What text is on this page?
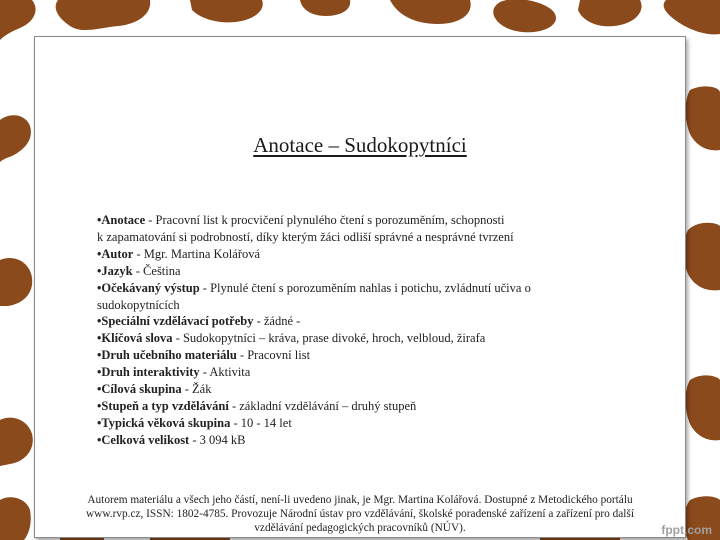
Anotace – Sudokopytníci
•Anotace - Pracovní list k procvičení plynulého čtení s porozuměním, schopnosti
k zapamatování si podrobností, díky kterým žáci odliší správné a nesprávné tvrzení
•Autor - Mgr. Martina Kolářová
•Jazyk - Čeština
•Očekávaný výstup - Plynulé čtení s porozuměním nahlas i potichu, zvládnutí učiva o
sudokopytnících
•Speciální vzdělávací potřeby - žádné -
•Klíčová slova - Sudokopytníci – kráva, prase divoké, hroch, velbloud, žirafa
•Druh učebního materiálu - Pracovní list
•Druh interaktivity - Aktivita
•Cílová skupina - Žák
•Stupeň a typ vzdělávání - základní vzdělávání – druhý stupeň
•Typická věková skupina - 10 - 14 let
•Celková velikost - 3 094 kB
Autorem materiálu a všech jeho částí, není-li uvedeno jinak, je Mgr. Martina Kolářová. Dostupné z Metodického portálu
www.rvp.cz, ISSN: 1802-4785. Provozuje Národní ústav pro vzdělávání, školské poradenské zařízení a zařízení pro další
vzdělávání pedagogických pracovníků (NÚV).	fppt.com
